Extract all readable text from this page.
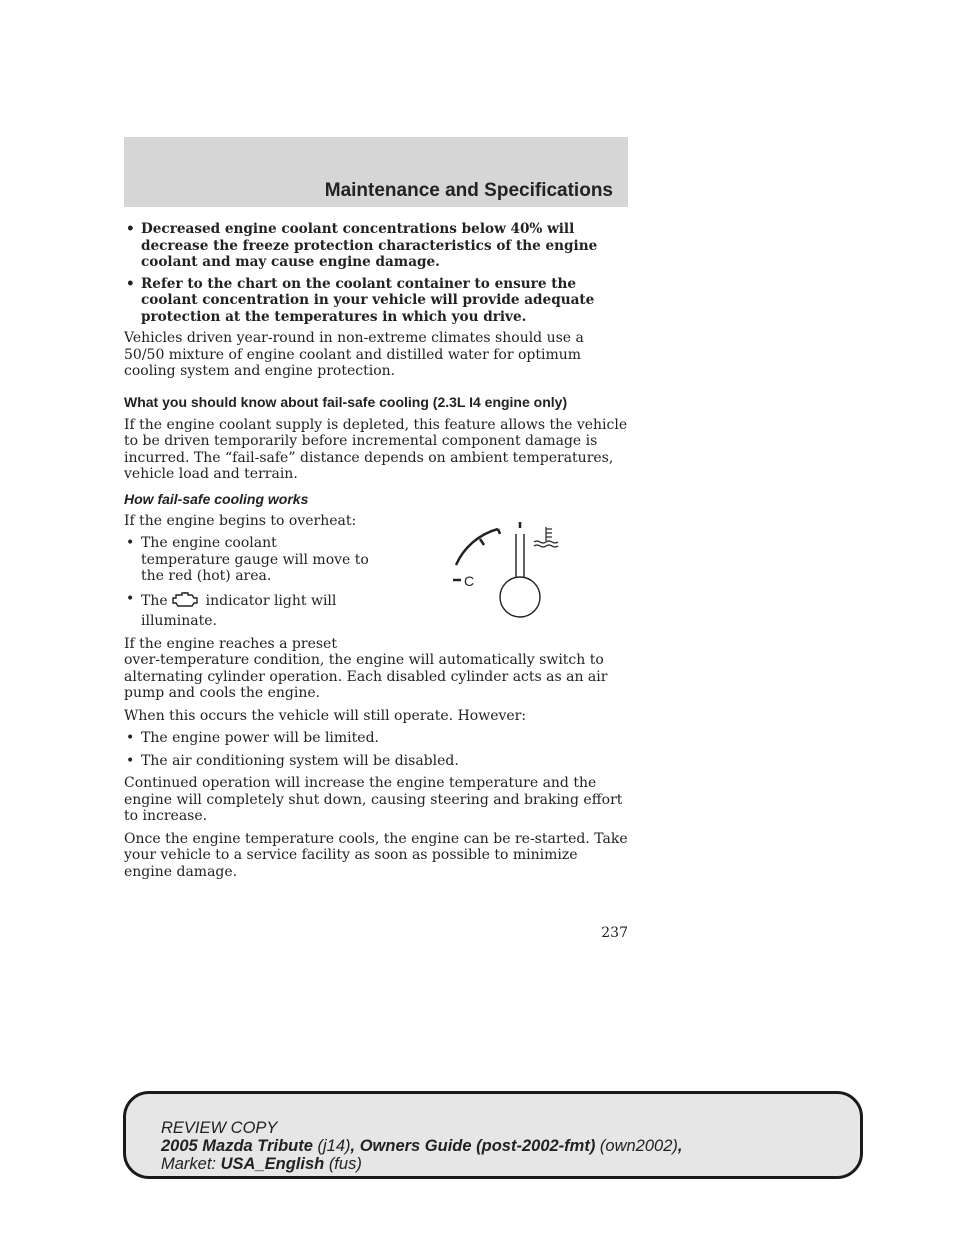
Maintenance and Specifications
• Decreased engine coolant concentrations below 40% will decrease the freeze protection characteristics of the engine coolant and may cause engine damage.
• Refer to the chart on the coolant container to ensure the coolant concentration in your vehicle will provide adequate protection at the temperatures in which you drive.

Vehicles driven year-round in non-extreme climates should use a 50/50 mixture of engine coolant and distilled water for optimum cooling system and engine protection.

What you should know about fail-safe cooling (2.3L I4 engine only)

If the engine coolant supply is depleted, this feature allows the vehicle to be driven temporarily before incremental component damage is incurred. The “fail-safe” distance depends on ambient temperatures, vehicle load and terrain.

How fail-safe cooling works

If the engine begins to overheat:

• The engine coolant temperature gauge will move to the red (hot) area.
• The	indicator light will illuminate.

If the engine reaches a preset
over-temperature condition, the engine will automatically switch to alternating cylinder operation. Each disabled cylinder acts as an air pump and cools the engine.

When this occurs the vehicle will still operate. However:

• The engine power will be limited.
• The air conditioning system will be disabled.

Continued operation will increase the engine temperature and the engine will completely shut down, causing steering and braking effort to increase.

Once the engine temperature cools, the engine can be re-started. Take your vehicle to a service facility as soon as possible to minimize engine damage.

C
237
REVIEW COPY
2005 Mazda Tribute (j14), Owners Guide (post-2002-fmt) (own2002),
Market: USA_English (fus)
